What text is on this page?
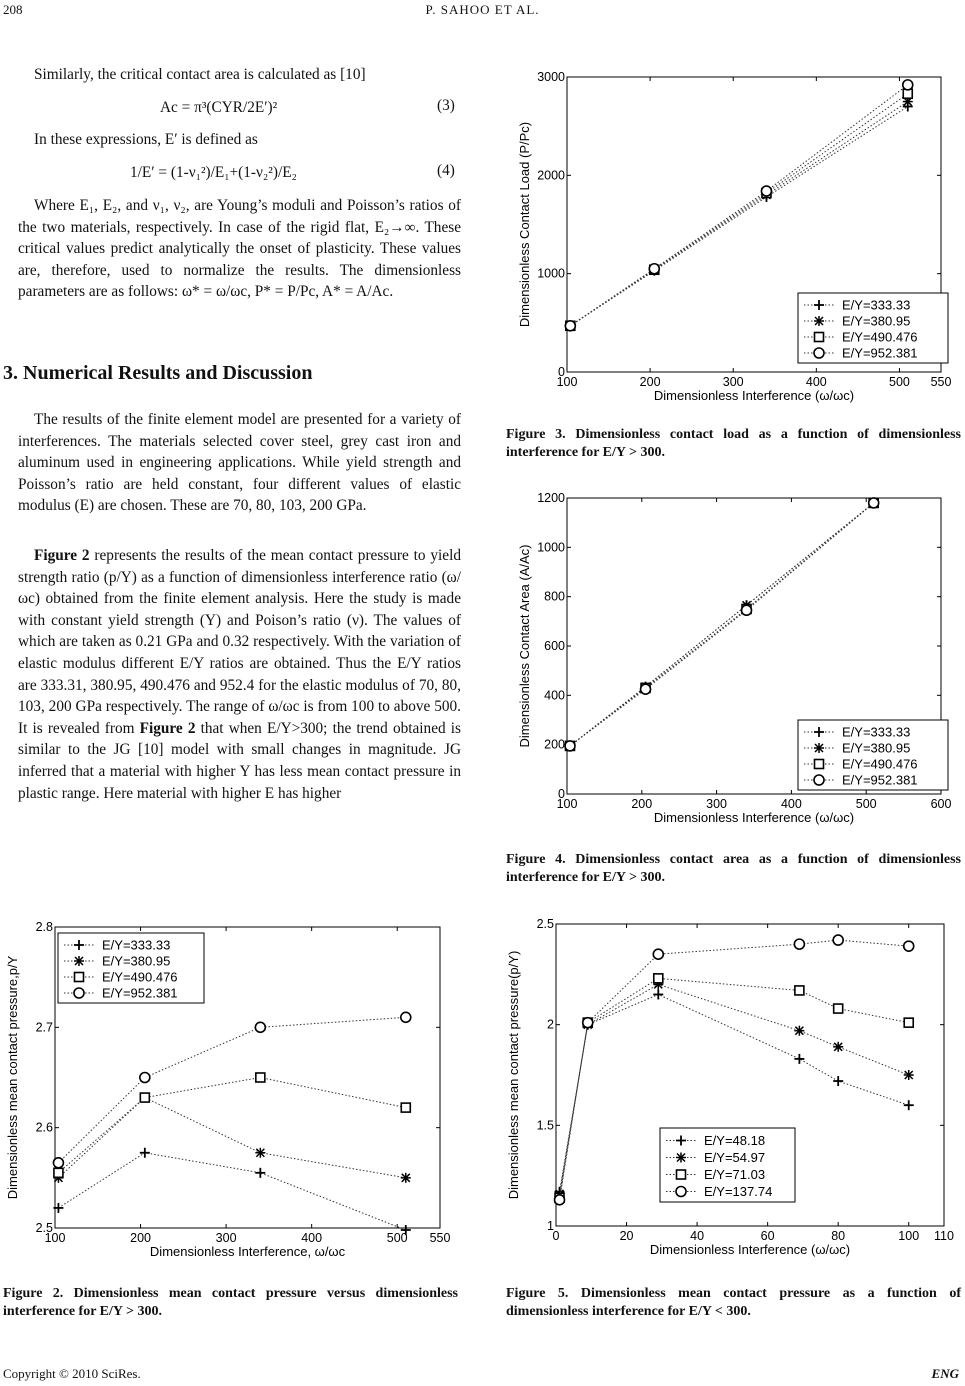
208	P. SAHOO ET AL.

Similarly, the critical contact area is calculated as [10]

Ac = π³(CYR/2E′)²	(3)

In these expressions, E′ is defined as

1/E′ = (1-ν₁²)/E₁+(1-ν₂²)/E₂	(4)

Where E₁, E₂, and ν₁, ν₂, are Young’s moduli and Poisson’s ratios of the two materials, respectively. In case of the rigid flat, E₂→∞. These critical values predict analytically the onset of plasticity. These values are, therefore, used to normalize the results. The dimensionless parameters are as follows: ω* = ω/ωc, P* = P/Pc, A* = A/Ac.

3. Numerical Results and Discussion

The results of the finite element model are presented for a variety of interferences. The materials selected cover steel, grey cast iron and aluminum used in engineering applications. While yield strength and Poisson’s ratio are held constant, four different values of elastic modulus (E) are chosen. These are 70, 80, 103, 200 GPa.

Figure 2 represents the results of the mean contact pressure to yield strength ratio (p/Y) as a function of dimensionless interference ratio (ω/ωc) obtained from the finite element analysis. Here the study is made with constant yield strength (Y) and Poison’s ratio (ν). The values of which are taken as 0.21 GPa and 0.32 respectively. With the variation of elastic modulus different E/Y ratios are obtained. Thus the E/Y ratios are 333.31, 380.95, 490.476 and 952.4 for the elastic modulus of 70, 80, 103, 200 GPa respectively. The range of ω/ωc is from 100 to above 500. It is revealed from Figure 2 that when E/Y>300; the trend obtained is similar to the JG [10] model with small changes in magnitude. JG inferred that a material with higher Y has less mean contact pressure in plastic range. Here material with higher E has higher

100	200	300	400	500 550
0
1000
2000
3000
Dimensionless Interference (ω/ωc)
Dimensionless Contact Load (P/Pc)	E/Y=333.33
E/Y=380.95
E/Y=490.476
E/Y=952.381
Figure 3. Dimensionless contact load as a function of dimensionless interference for E/Y > 300.
100	200	300	400	500	600
0
200
400
600
800
1000
1200
Dimensionless Interference (ω/ωc)
Dimensionless Contact Area (A/Ac)	E/Y=333.33
E/Y=380.95
E/Y=490.476
E/Y=952.381
Figure 4. Dimensionless contact area as a function of dimensionless interference for E/Y > 300.
100	200	300	400	500 550
2.5
2.6
2.7
2.8
Dimensionless Interference, ω/ωc
Dimensionless mean contact pressure,p/Y
E/Y=333.33
E/Y=380.95
E/Y=490.476
E/Y=952.381
Figure 2. Dimensionless mean contact pressure versus dimensionless interference for E/Y > 300.
0	20	40	60	80	100 110
1
1.5
2
2.5
Dimensionless Interference (ω/ωc)
Dimensionless mean contact pressure(p/Y)	E/Y=48.18
E/Y=54.97
E/Y=71.03
E/Y=137.74
Figure 5. Dimensionless mean contact pressure as a function of dimensionless interference for E/Y < 300.
Copyright © 2010 SciRes.	ENG
